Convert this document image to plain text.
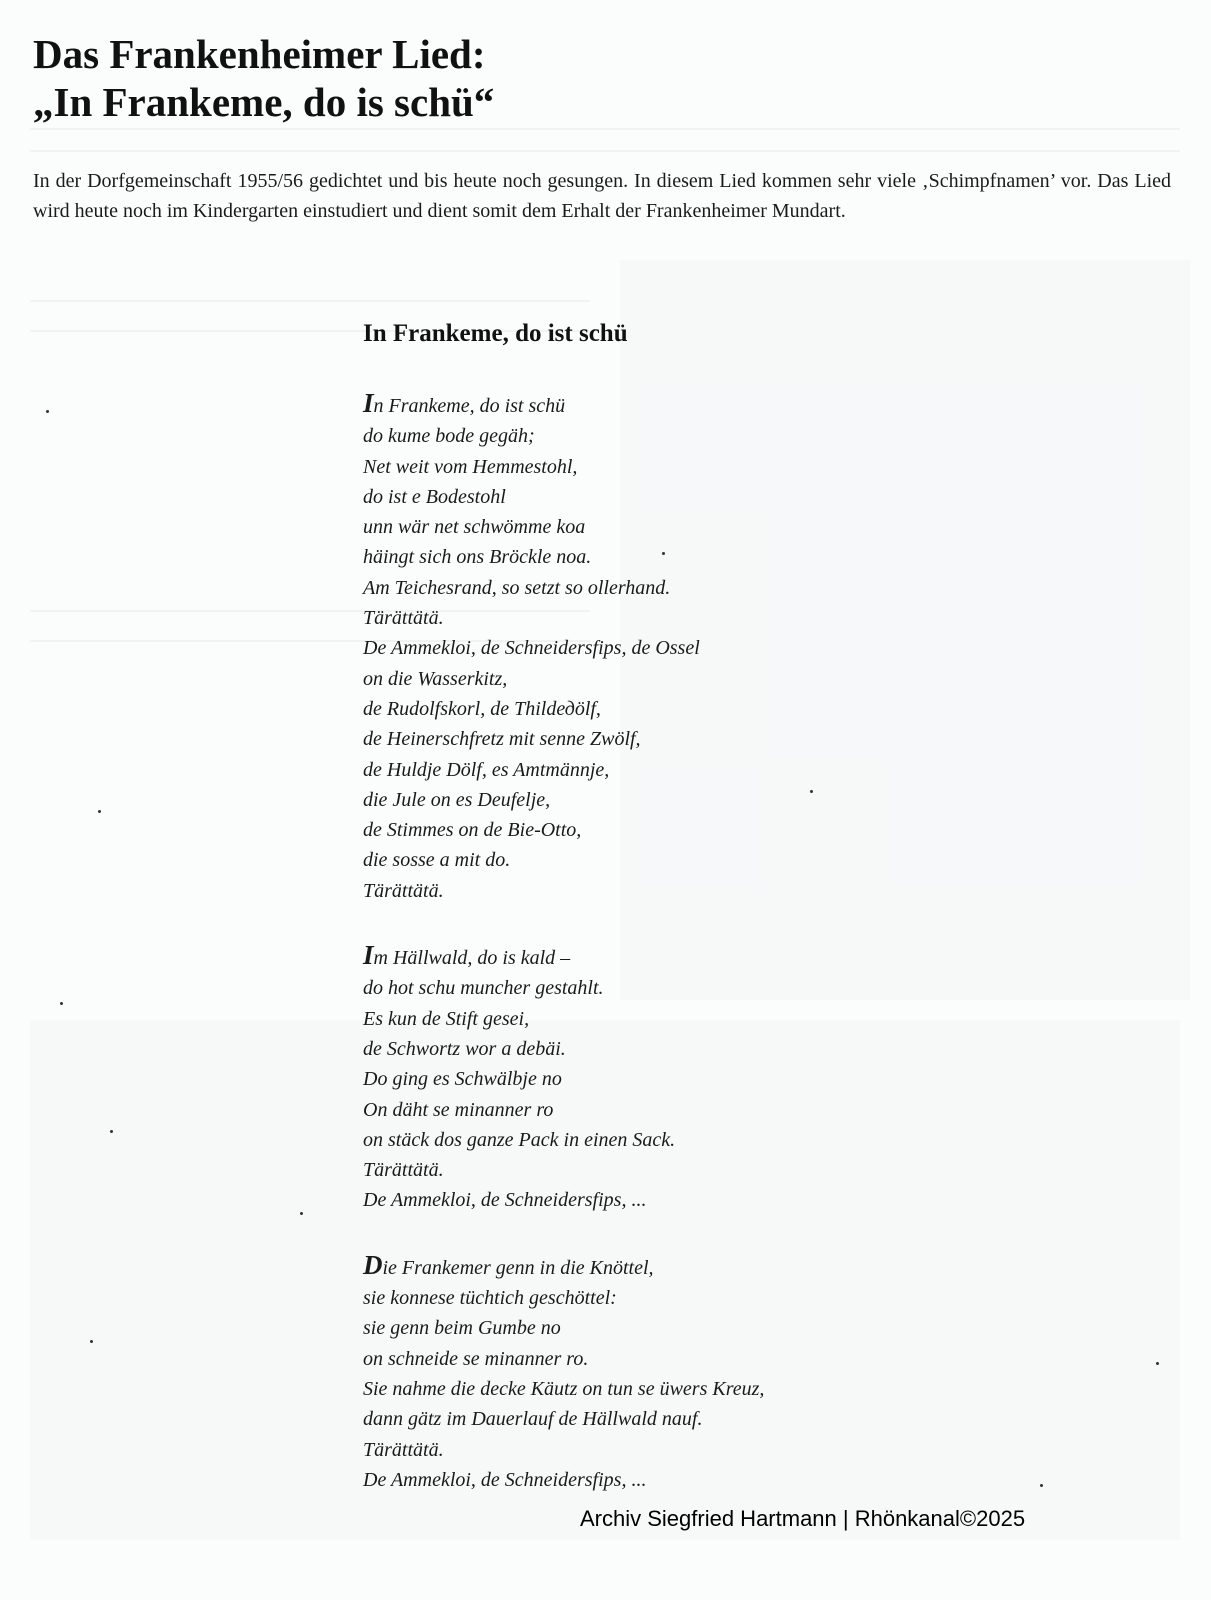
Das Frankenheimer Lied:
„In Frankeme, do is schü“

In der Dorfgemeinschaft 1955/56 gedichtet und bis heute noch gesungen. In diesem Lied kommen sehr viele ‚Schimpfnamen’ vor. Das Lied wird heute noch im Kindergarten einstudiert und dient somit dem Erhalt der Frankenheimer Mundart.

In Frankeme, do ist schü
In Frankeme, do ist schü
do kume bode gegäh;
Net weit vom Hemmestohl,
do ist e Bodestohl
unn wär net schwömme koa
häingt sich ons Bröckle noa.
Am Teichesrand, so setzt so ollerhand.
Tärättätä.
De Ammekloi, de Schneidersfips, de Ossel
on die Wasserkitz,
de Rudolfskorl, de Thildедölf,
de Heinerschfretz mit senne Zwölf,
de Huldje Dölf, es Amtmännje,
die Jule on es Deufelje,
de Stimmes on de Bie-Otto,
die sosse a mit do.
Tärättätä.
Im Hällwald, do is kald –
do hot schu muncher gestahlt.
Es kun de Stift gesei,
de Schwortz wor a debäi.
Do ging es Schwälbje no
On däht se minanner ro
on stäck dos ganze Pack in einen Sack.
Tärättätä.
De Ammekloi, de Schneidersfips, ...
Die Frankemer genn in die Knöttel,
sie konnese tüchtich geschöttel:
sie genn beim Gumbe no
on schneide se minanner ro.
Sie nahme die decke Käutz on tun se üwers Kreuz,
dann gätz im Dauerlauf de Hällwald nauf.
Tärättätä.
De Ammekloi, de Schneidersfips, ...
Archiv Siegfried Hartmann | Rhönkanal©2025
